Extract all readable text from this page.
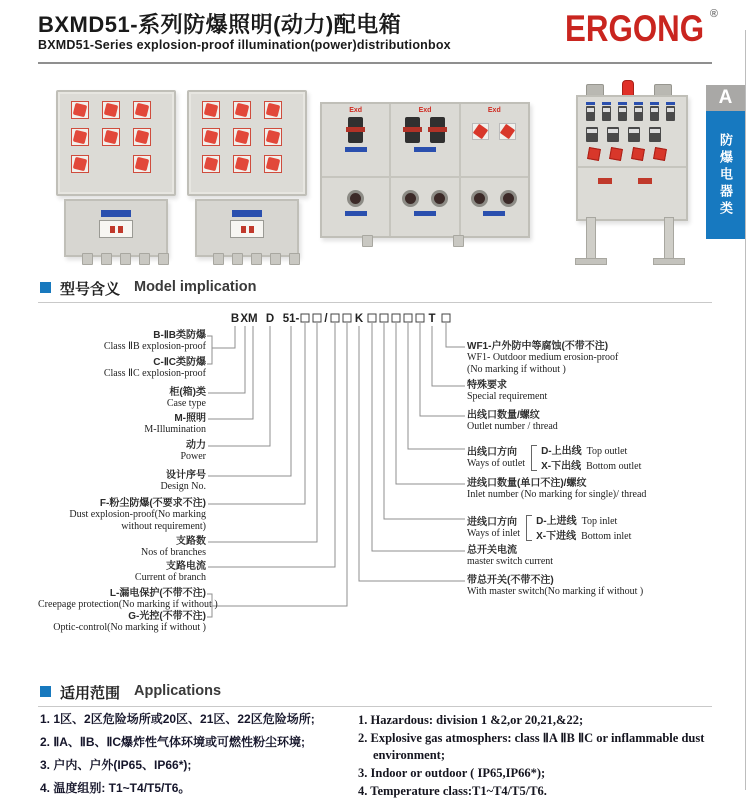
BXMD51-系列防爆照明(动力)配电箱
BXMD51-Series explosion-proof illumination(power)distributionbox	ERGONG ®
A
防爆电器类
Exd	Exd	Exd
型号含义 Model implication
B XM D 51- / K	T
B-ⅡB类防爆
Class ⅡB explosion-proof
C-ⅡC类防爆
Class ⅡC explosion-proof
柜(箱)类
Case type
M-照明
M-Illumination
动力
Power
设计序号
Design No.
F-粉尘防爆(不要求不注)
Dust explosion-proof(No marking
without requirement)
支路数
Nos of branches
支路电流
Current of branch
L-漏电保护(不带不注)
Creepage protection(No marking if without )
G-光控(不带不注)
Optic-control(No marking if without )
WF1-户外防中等腐蚀(不带不注)
WF1- Outdoor medium erosion-proof
(No marking if without )
特殊要求
Special requirement
出线口数量/螺纹
Outlet number / thread
出线口方向
Ways of outlet
D-上出线 Top outlet
X-下出线 Bottom outlet
进线口数量(单口不注)/螺纹
Inlet number (No marking for single)/ thread
进线口方向
Ways of inlet
D-上进线 Top inlet
X-下进线 Bottom inlet
总开关电流
master switch current
带总开关(不带不注)
With master switch(No marking if without )
适用范围 Applications
1. 1区、2区危险场所或20区、21区、22区危险场所;
2. ⅡA、ⅡB、ⅡC爆炸性气体环境或可燃性粉尘环境;
3. 户内、户外(IP65、IP66*);
4. 温度组别: T1~T4/T5/T6。
1. Hazardous: division 1 &2,or 20,21,&22;
2. Explosive gas atmosphers: class ⅡA ⅡB ⅡC or inflammable dust environment;
3. Indoor or outdoor ( IP65,IP66*);
4. Temperature class:T1~T4/T5/T6.
